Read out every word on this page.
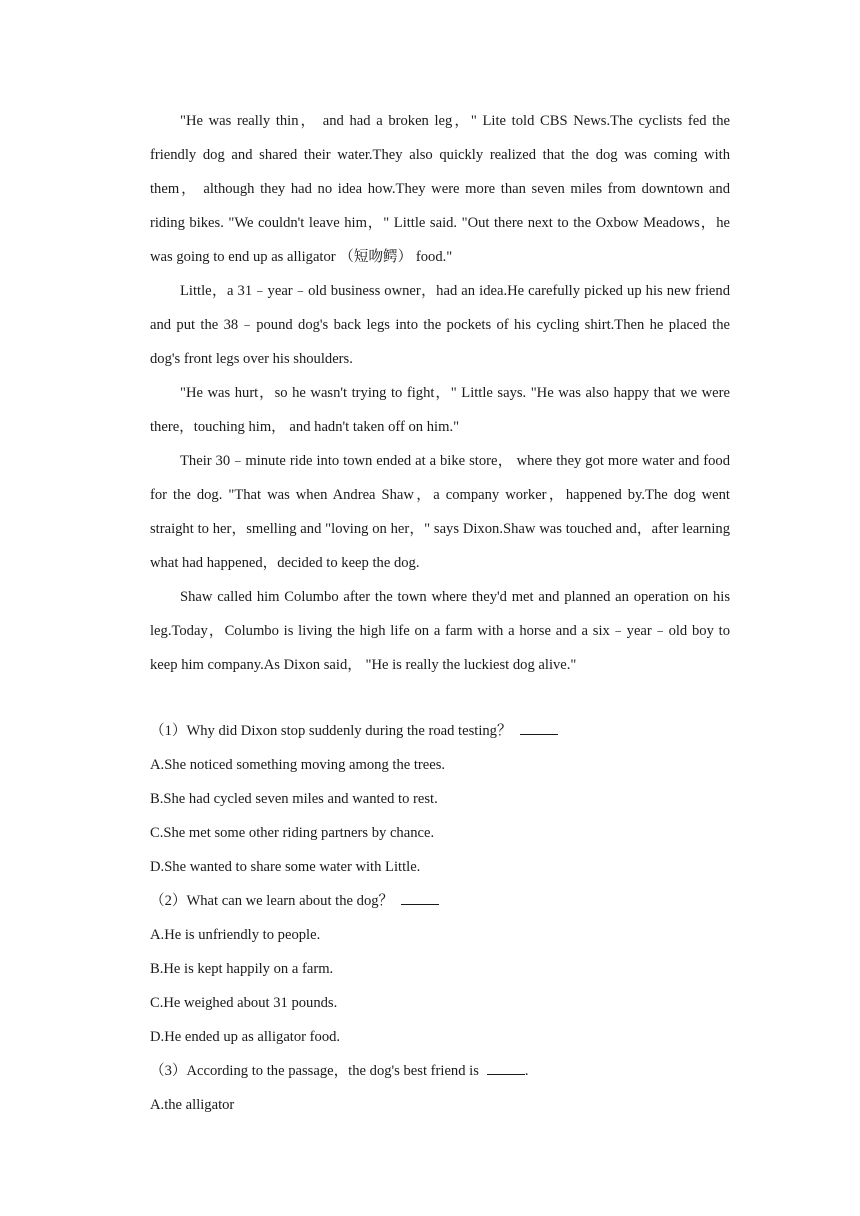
"He was really thin， and had a broken leg，" Lite told CBS News.The cyclists fed the friendly dog and shared their water.They also quickly realized that the dog was coming with them， although they had no idea how.They were more than seven miles from downtown and riding bikes. "We couldn't leave him，" Little said. "Out there next to the Oxbow Meadows，he was going to end up as alligator （短吻鳄） food."

Little，a 31﹣year﹣old business owner，had an idea.He carefully picked up his new friend and put the 38﹣pound dog's back legs into the pockets of his cycling shirt.Then he placed the dog's front legs over his shoulders.

"He was hurt，so he wasn't trying to fight，" Little says. "He was also happy that we were there，touching him， and hadn't taken off on him."

Their 30﹣minute ride into town ended at a bike store， where they got more water and food for the dog. "That was when Andrea Shaw，a company worker，happened by.The dog went straight to her，smelling and "loving on her，" says Dixon.Shaw was touched and，after learning what had happened，decided to keep the dog.

Shaw called him Columbo after the town where they'd met and planned an operation on his leg.Today，Columbo is living the high life on a farm with a horse and a six﹣year﹣old boy to keep him company.As Dixon said， "He is really the luckiest dog alive."

（1）Why did Dixon stop suddenly during the road testing？

A.She noticed something moving among the trees.

B.She had cycled seven miles and wanted to rest.

C.She met some other riding partners by chance.

D.She wanted to share some water with Little.

（2）What can we learn about the dog？

A.He is unfriendly to people.

B.He is kept happily on a farm.

C.He weighed about 31 pounds.

D.He ended up as alligator food.

（3）According to the passage，the dog's best friend is	.

A.the alligator
